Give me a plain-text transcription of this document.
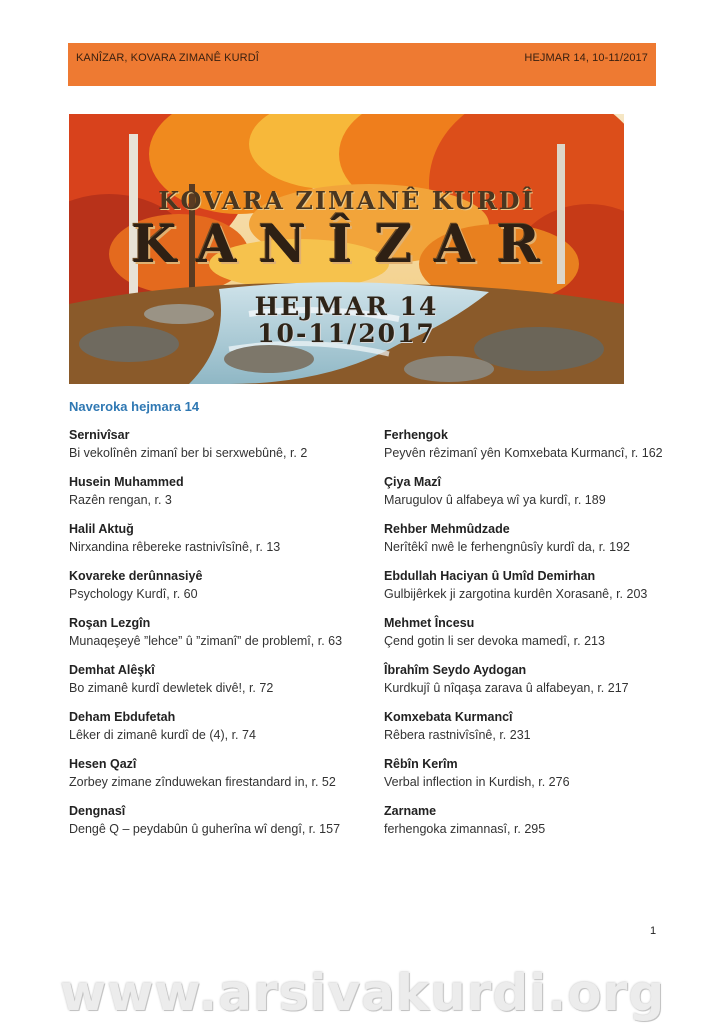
KANÎZAR, KOVARA ZIMANÊ KURDÎ	HEJMAR 14, 10-11/2017
KOVARA ZIMANÊ KURDÎ
KANÎZAR
HEJMAR 14
10-11/2017
Naveroka hejmara 14

Sernivîsar

Bi vekolînên zimanî ber bi serxwebûnê, r. 2

Husein Muhammed

Razên rengan, r. 3

Halil Aktuğ

Nirxandina rêbereke rastnivîsînê, r. 13

Kovareke derûnnasiyê

Psychology Kurdî, r. 60

Roşan Lezgîn

Munaqeşeyê ”lehce” û ”zimanî” de problemî, r. 63

Demhat Alêşkî

Bo zimanê kurdî dewletek divê!, r. 72

Deham Ebdufetah

Lêker di zimanê kurdî de (4), r. 74

Hesen Qazî

Zorbey zimane zînduwekan firestandard in, r. 52

Dengnasî

Dengê Q – peydabûn û guherîna wî dengî, r. 157

Ferhengok

Peyvên rêzimanî yên Komxebata Kurmancî, r. 162

Çiya Mazî

Marugulov û alfabeya wî ya kurdî, r. 189

Rehber Mehmûdzade

Nerîtêkî nwê le ferhengnûsîy kurdî da, r. 192

Ebdullah Haciyan û Umîd Demirhan

Gulbijêrkek ji zargotina kurdên Xorasanê, r. 203

Mehmet Încesu

Çend gotin li ser devoka mamedî, r. 213

Îbrahîm Seydo Aydogan

Kurdkujî û nîqaşa zarava û alfabeyan, r. 217

Komxebata Kurmancî

Rêbera rastnivîsînê, r. 231

Rêbîn Kerîm

Verbal inflection in Kurdish, r. 276

Zarname

ferhengoka zimannasî, r. 295

1
www.arsivakurdi.org
